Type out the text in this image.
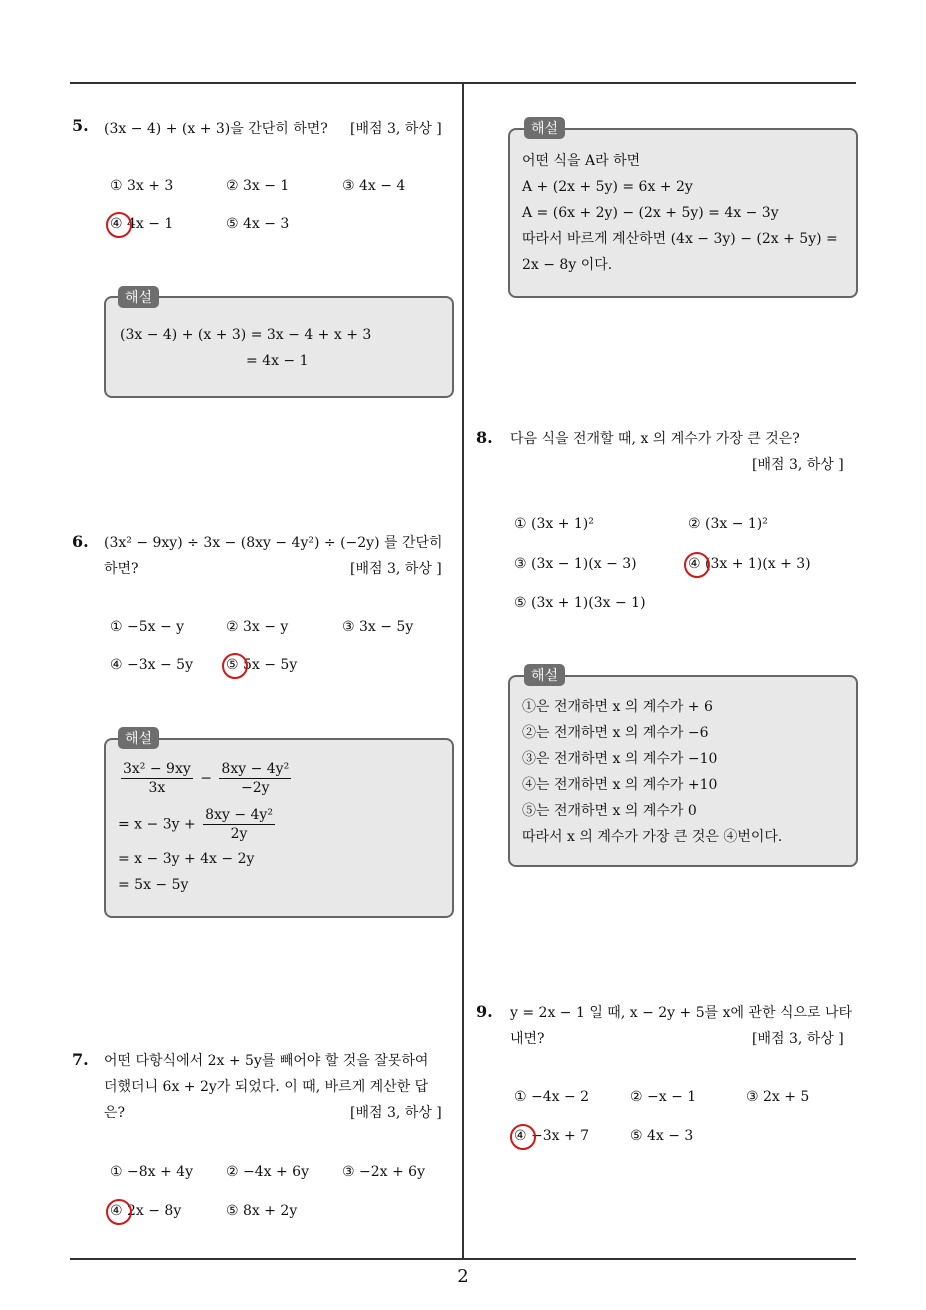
2
5. (3x − 4) + (x + 3)을 간단히 하면? [배점 3, 하상 ]
① 3x + 3	② 3x − 1	③ 4x − 4
④ 4x − 1	⑤ 4x − 3
해설
(3x − 4) + (x + 3) = 3x − 4 + x + 3
= 4x − 1
6. (3x² − 9xy) ÷ 3x − (8xy − 4y²) ÷ (−2y) 를 간단히
하면?	[배점 3, 하상 ]
① −5x − y	② 3x − y	③ 3x − 5y
④ −3x − 5y ⑤ 5x − 5y
해설
$\frac{\text{3x² − 9xy}}{3x} - \frac{\text{8xy − 4y²}}{-2y}$
= $x - 3y + \frac{\text{8xy − 4y²}}{2y}$
= x − 3y + 4x − 2y
= 5x − 5y
7. 어떤 다항식에서 2x + 5y를 빼어야 할 것을 잘못하여
더했더니 6x + 2y가 되었다. 이 때, 바르게 계산한 답
은?	[배점 3, 하상 ]
① −8x + 4y ② −4x + 6y ③ −2x + 6y
④ 2x − 8y	⑤ 8x + 2y
해설
어떤 식을 A라 하면
A + (2x + 5y) = 6x + 2y
A = (6x + 2y) − (2x + 5y) = 4x − 3y
따라서 바르게 계산하면 (4x − 3y) − (2x + 5y) =
2x − 8y 이다.
8. 다음 식을 전개할 때, x 의 계수가 가장 큰 것은?
[배점 3, 하상 ]
① (3x + 1)²	② (3x − 1)²
③ (3x − 1)(x − 3)	④ (3x + 1)(x + 3)
⑤ (3x + 1)(3x − 1)
해설
①은 전개하면 x 의 계수가 + 6
②는 전개하면 x 의 계수가 −6
③은 전개하면 x 의 계수가 −10
④는 전개하면 x 의 계수가 +10
⑤는 전개하면 x 의 계수가 0
따라서 x 의 계수가 가장 큰 것은 ④번이다.
9. y = 2x − 1 일 때, x − 2y + 5를 x에 관한 식으로 나타
내면?	[배점 3, 하상 ]
① −4x − 2	② −x − 1	③ 2x + 5
④ −3x + 7	⑤ 4x − 3
